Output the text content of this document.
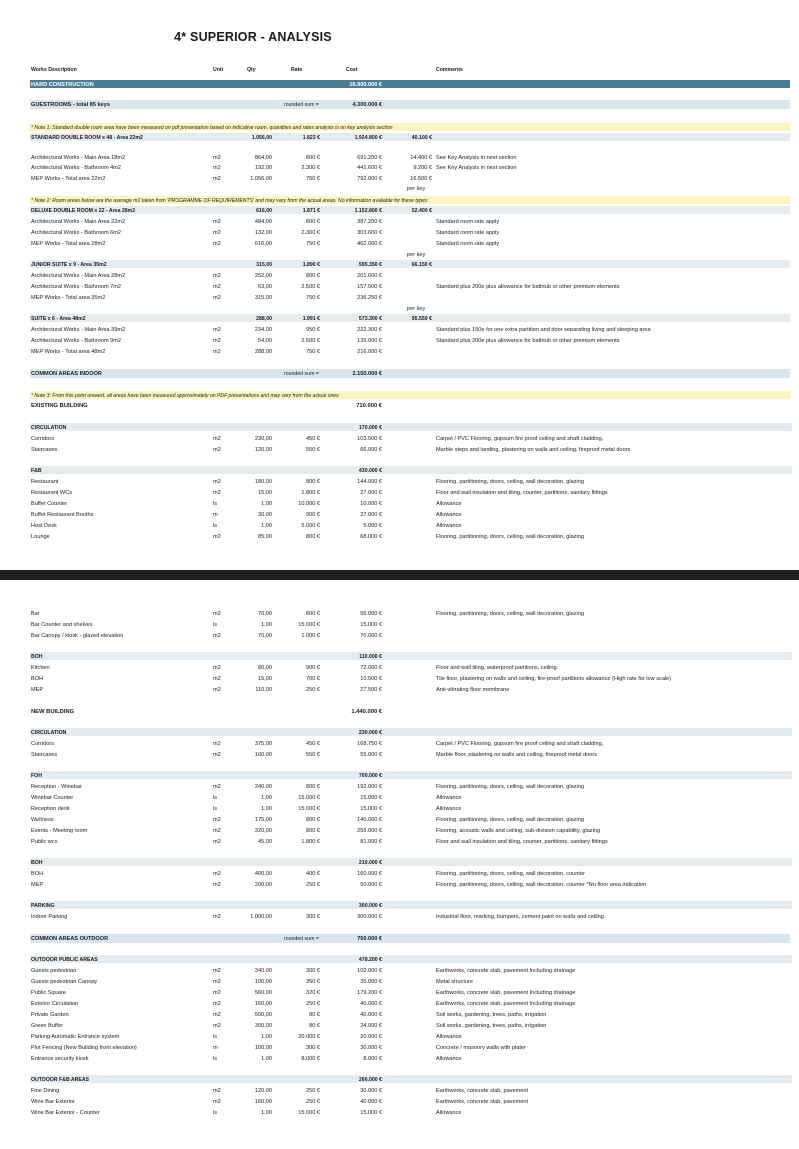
4* SUPERIOR - ANALYSIS
Works Description	Unit	Qty	Rate	Cost	Comments
HARD CONSTRUCTION	16.900.000 €
GUESTROOMS - total 85 keys	rounded sum =	4.300.000 €
* Note 1: Standard double room area have been measured on pdf presentation based on indicative room, quantities and rates analysis is on key analysis section
STANDARD DOUBLE ROOM x 48 - Area 22m2	1.056,00	1.823 €	1.924.800 €	40.100 €
Architectural Works - Main Area 18m2	m2	864,00	800 €	691.200 €	14.400 € See Key Analysis in next section
Architectural Works - Bathroom 4m2	m2	192,00	2.300 €	441.600 €	9.200 € See Key Analysis in next section
MEP Works - Total area 22m2	m2	1.056,00	750 €	792.000 €	16.500 €
per key
* Note 2: Room areas below are the average m2 taken from 'PROGRAMME OF REQUIREMENTS' and may vary from the actual areas. No information available for these types
DELUXE DOUBLE ROOM x 22 - Area 28m2	616,00	1.871 €	1.152.800 €	52.400 €
Architectural Works - Main Area 22m2	m2	484,00	800 €	387.200 €	Standard room rate apply
Architectural Works - Bathroom 6m2	m2	132,00	2.300 €	303.600 €	Standard room rate apply
MEP Works - Total area 28m2	m2	616,00	750 €	462.000 €	Standard room rate apply
per key
JUNIOR SUITE x 9 - Area 35m2	315,00	1.890 €	595.350 €	66.150 €
Architectural Works - Main Area 28m2	m2	252,00	800 €	201.600 €
Architectural Works - Bathroom 7m2	m2	63,00	2.500 €	157.500 €	Standard plus 200e plus allowance for bathtub or other premium elements
MEP Works - Total area 35m2	m2	315,00	750 €	236.250 €
per key
SUITE x 6 - Area 48m2	288,00	1.991 €	573.300 €	95.550 €
Architectural Works - Main Area 39m2	m2	234,00	950 €	222.300 €	Standard plus 150e for one extra partition and door separating living and sleeping area
Architectural Works - Bathroom 9m2	m2	54,00	2.500 €	135.000 €	Standard plus 200e plus allowance for bathtub or other premium elements
MEP Works - Total area 48m2	m2	288,00	750 €	216.000 €
COMMON AREAS INDOOR	rounded sum =	2.150.000 €
* Note 3: From this point onward, all areas have been measured approximately on PDF presentations and may vary from the actual ones
EXISTING BUILDING	710.000 €
CIRCULATION	170.000 €
Corridors	m2	230,00	450 €	103.500 €	Carpet / PVC Flooring, gupsum fire proof ceiling and shaft cladding,
Staircases	m2	120,00	550 €	66.000 €	Marble steps and landing, plastering on walls and ceiling, fireproof metal doors
F&B	430.000 €
Restaurant	m2	180,00	800 €	144.000 €	Flooring, partitioning, doors, ceiling, wall decoration, glazing
Restaurant WCs	m2	15,00	1.800 €	27.000 €	Floor and wall insulation and tiling, counter, partitions, sanitary fittings
Buffet Counter	ls	1,00	10.000 €	10.000 €	Allowance
Buffet Restaurant Booths	m	30,00	900 €	27.000 €	Allowance
Host Desk	ls	1,00	5.000 €	5.000 €	Allowance
Lounge	m2	85,00	800 €	68.000 €	Flooring, partitioning, doors, ceiling, wall decoration, glazing
Bar	m2	70,00	800 €	56.000 €	Flooring, partitioning, doors, ceiling, wall decoration, glazing
Bar Counter and shelves	ls	1,00	15.000 €	15.000 €
Bar Canopy / kiosk - glazed elevation	m2	70,00	1.000 €	70.000 €
BOH	110.000 €
Kitchen	m2	80,00	900 €	72.000 €	Floor and wall tiling, waterproof partitions, ceiling.
BOH	m2	15,00	700 €	10.500 €	Tile floor, plastering on walls and ceiling, fire-proof partitions allowance (High rate for low scale)
MEP	m2	110,00	250 €	27.500 €	Anti-vibrating floor membrane
NEW BUILDING	1.440.000 €
CIRCULATION	230.000 €
Corridors	m2	375,00	450 €	168.750 €	Carpet / PVC Flooring, gupsum fire proof ceiling and shaft cladding,
Staircases	m2	100,00	550 €	55.000 €	Marble floor, plastering on walls and ceiling, fireproof metal doors
FOH	700.000 €
Reception - Winebar	m2	240,00	800 €	192.000 €	Flooring, partitioning, doors, ceiling, wall decoration, glazing
Winebar Counter	ls	1,00	15.000 €	15.000 €	Allowance
Reception desk	ls	1,00	15.000 €	15.000 €	Allowance
Wellness	m2	175,00	800 €	140.000 €	Flooring, partitioning, doors, ceiling, wall decoration, glazing
Events - Meeting room	m2	320,00	800 €	256.000 €	Flooring, acoustic walls and ceiling, sub-division capability, glazing
Public wcs	m2	45,00	1.800 €	81.000 €	Floor and wall insulation and tiling, counter, partitions, sanitary fittings
BOH	210.000 €
BOH	m2	400,00	400 €	160.000 €	Flooring, partitioning, doors, ceiling, wall decoration, counter
MEP	m2	200,00	250 €	50.000 €	Flooring, partitioning, doors, ceiling, wall decoration, counter *No floor area indication
PARKING	300.000 €
Indoor Parking	m2	1.000,00	300 €	300.000 €	Industrial floor, marking, bumpers, cement paint on walls and ceiling
COMMON AREAS OUTDOOR	rounded sum =	750.000 €
OUTDOOR PUBLIC AREAS	478.200 €
Guests pedestrian	m2	340,00	300 €	102.000 €	Earthworks, concrete slab, pavement Including drainage
Guests pedestrian Canopy	m2	100,00	350 €	35.000 €	Metal structure
Public Square	m2	560,00	320 €	179.200 €	Earthworks, concrete slab, pavement Including drainage
Exterior Circulation	m2	160,00	250 €	40.000 €	Earthworks, concrete slab, pavement Including drainage
Private Garden	m2	500,00	80 €	40.000 €	Soil works, gardening, trees, paths, irrigation
Green Buffer	m2	300,00	80 €	24.000 €	Soil works, gardening, trees, paths, irrigation
Parking Automatic Entrance system	ls	1,00	20.000 €	20.000 €	Allowance
Plot Fencing (New Building front elevation)	m	100,00	300 €	30.000 €	Concrete / masonry walls with plater
Entrance security kiosk	ls	1,00	8.000 €	8.000 €	Allowance
OUTDOOR F&B AREAS	266.000 €
Fine Dining	m2	120,00	250 €	30.000 €	Earthworks, concrete slab, pavement
Wine Bar Exterior	m2	160,00	250 €	40.000 €	Earthworks, concrete slab, pavement
Wine Bar Exterior - Counter	ls	1,00	15.000 €	15.000 €	Allowance
